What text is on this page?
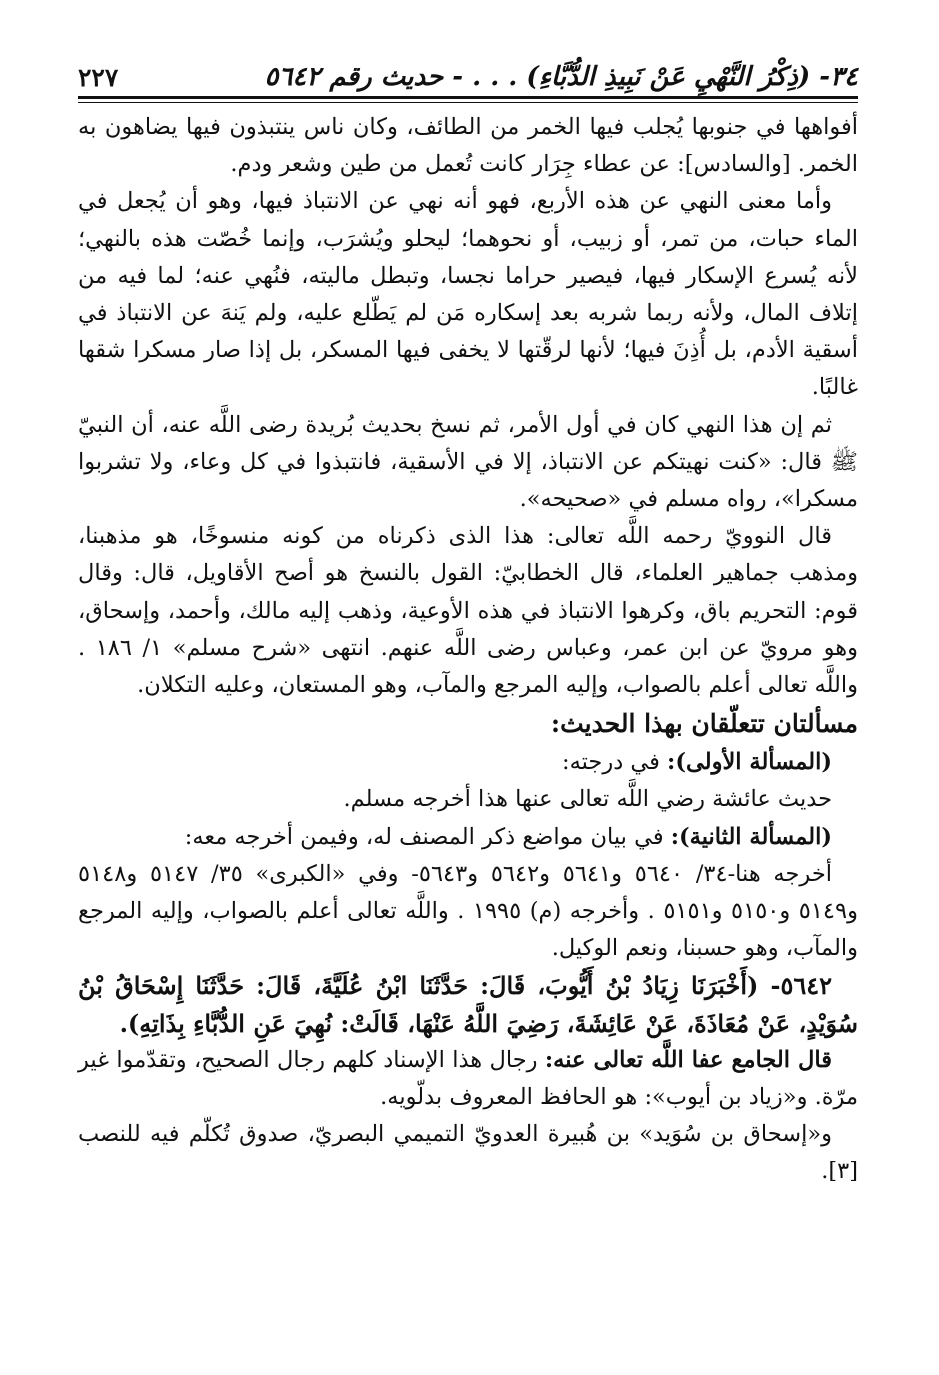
٣٤- (ذِكْرُ النَّهْيِ عَنْ نَبِيذِ الدُّبَّاءِ) . . . - حديث رقم ٥٦٤٢
٢٢٧

أفواهها في جنوبها يُجلب فيها الخمر من الطائف، وكان ناس ينتبذون فيها يضاهون به الخمر. [والسادس]: عن عطاء جِرَار كانت تُعمل من طين وشعر ودم.

وأما معنى النهي عن هذه الأربع، فهو أنه نهي عن الانتباذ فيها، وهو أن يُجعل في الماء حبات، من تمر، أو زبيب، أو نحوهما؛ ليحلو ويُشرَب، وإنما خُصّت هذه بالنهي؛ لأنه يُسرع الإسكار فيها، فيصير حراما نجسا، وتبطل ماليته، فنُهي عنه؛ لما فيه من إتلاف المال، ولأنه ربما شربه بعد إسكاره مَن لم يَطّلع عليه، ولم يَنهَ عن الانتباذ في أسقية الأدم، بل أُذِنَ فيها؛ لأنها لرقّتها لا يخفى فيها المسكر، بل إذا صار مسكرا شقها غالبًا.

ثم إن هذا النهي كان في أول الأمر، ثم نسخ بحديث بُريدة رضى اللَّه عنه، أن النبيّ ﷺ قال: «كنت نهيتكم عن الانتباذ، إلا في الأسقية، فانتبذوا في كل وعاء، ولا تشربوا مسكرا»، رواه مسلم في «صحيحه».

قال النوويّ رحمه اللَّه تعالى: هذا الذى ذكرناه من كونه منسوخًا، هو مذهبنا، ومذهب جماهير العلماء، قال الخطابيّ: القول بالنسخ هو أصح الأقاويل، قال: وقال قوم: التحريم باق، وكرهوا الانتباذ في هذه الأوعية، وذهب إليه مالك، وأحمد، وإسحاق، وهو مرويّ عن ابن عمر، وعباس رضى اللَّه عنهم. انتهى «شرح مسلم» ١/ ١٨٦ . واللَّه تعالى أعلم بالصواب، وإليه المرجع والمآب، وهو المستعان، وعليه التكلان.

مسألتان تتعلّقان بهذا الحديث:

(المسألة الأولى): في درجته:

حديث عائشة رضي اللَّه تعالى عنها هذا أخرجه مسلم.

(المسألة الثانية): في بيان مواضع ذكر المصنف له، وفيمن أخرجه معه:

أخرجه هنا-٣٤/ ٥٦٤٠ و٥٦٤١ و٥٦٤٢ و٥٦٤٣- وفي «الكبرى» ٣٥/ ٥١٤٧ و٥١٤٨ و٥١٤٩ و٥١٥٠ و٥١٥١ . وأخرجه (م) ١٩٩٥ . واللَّه تعالى أعلم بالصواب، وإليه المرجع والمآب، وهو حسبنا، ونعم الوكيل.

٥٦٤٢- (أَخْبَرَنَا زِيَادُ بْنُ أَيُّوبَ، قَالَ: حَدَّثَنَا ابْنُ عُلَيَّةَ، قَالَ: حَدَّثَنَا إِسْحَاقُ بْنُ سُوَيْدٍ، عَنْ مُعَاذَةَ، عَنْ عَائِشَةَ، رَضِيَ اللَّهُ عَنْهَا، قَالَتْ: نُهِيَ عَنِ الدُّبَّاءِ بِذَاتِهِ).

قال الجامع عفا اللَّه تعالى عنه: رجال هذا الإسناد كلهم رجال الصحيح، وتقدّموا غير مرّة. و«زياد بن أيوب»: هو الحافظ المعروف بدلّويه.

و«إسحاق بن سُوَيد» بن هُبيرة العدويّ التميمي البصريّ، صدوق تُكلّم فيه للنصب [٣].
